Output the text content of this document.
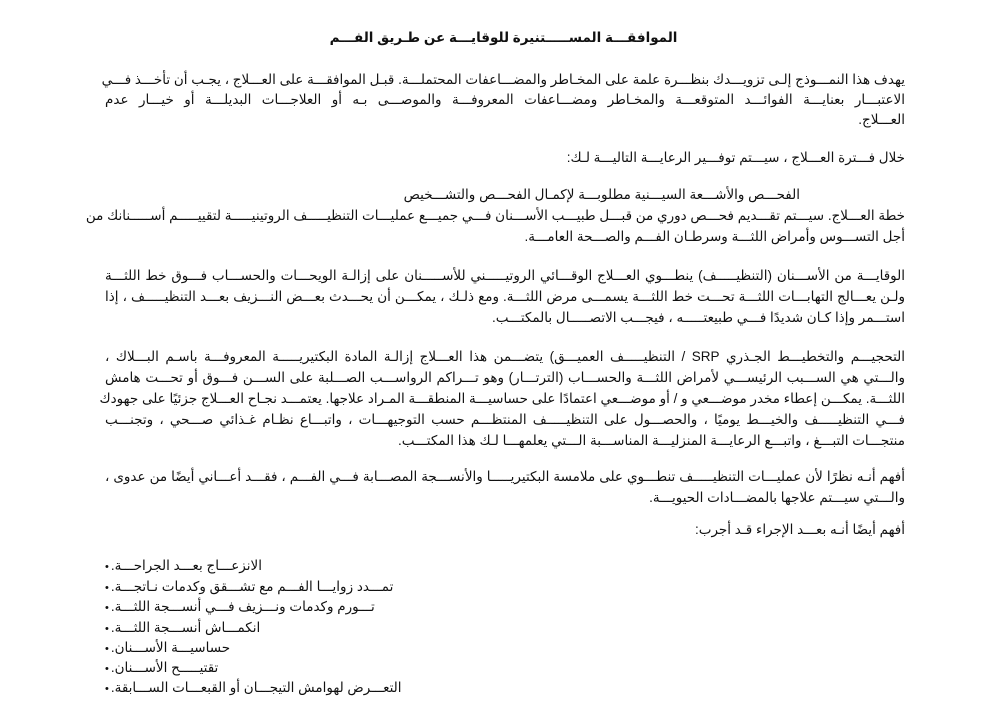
الموافقـــة المســـــتنيرة للوقايـــة عن طـريق الفـــم
يهدف هذا النمـــوذج إلـى تزويـــدك بنظـــرة علمة على المخـاطر والمضـــاعفات المحتملـــة. قبـل الموافقـــة على العـــلاج ، يجـب أن تأخـــذ فـــي
الاعتبـــار بعنايـــة الفوائـــد المتوقعـــة والمخـاطر ومضـــاعفات المعروفـــة والموصـــى بـه أو العلاجـــات البديلـــة أو خيـــار عدم
العـــلاج.
خلال فـــترة العـــلاج ، سيـــتم توفـــير الرعايـــة التاليـــة لـك:
الفحـــص والأشـــعة السيـــنية مطلوبـــة لإكمـال الفحـــص والتشـــخيص
خطة العـــلاج. سيـــتم تقـــديم فحـــص دوري من قبـــل طبيـــب الأســـنان فـــي جميـــع عمليـــات التنظيـــــف الروتينيـــــة لتقييـــــم أســـــنانك من
أجل التســـوس وأمراض اللثـــة وسرطـان الفـــم والصـــحة العامـــة.
الوقايـــة من الأســـنان (التنظيـــــف) ينطـــوي العـــلاج الوقـــائي الروتيـــــني للأســـــنان على إزالـة الويحـــات والحســـاب فـــوق خط اللثـــة
ولـن يعـــالج التهابـــات اللثـــة تحـــت خط اللثـــة يسمـــى مرض اللثـــة. ومع ذلـك ، يمكـــن أن يحـــدث بعـــض النـــزيف بعـــد التنظيـــــف ، إذا
استـــمر وإذا كـان شديدًا فـــي طبيعتـــــه ، فيجـــب الاتصـــــال بالمكتـــب.
التحجيـــم والتخطيـــط الجـذري SRP / التنظيـــــف العميـــق) يتضـــمن هذا العـــلاج إزالـة المادة البكتيريـــــة المعروفـــة باسـم البـــلاك ،
والـــتي هي الســـبب الرئيســـي لأمراض اللثـــة والحســـاب (الترتـــار) وهو تـــراكم الرواســـب الصـــلبة على الســـن فـــوق أو تحـــت هامش
اللثـــة. يمكـــن إعطاء مخدر موضـــعي و / أو موضـــعي اعتمادًا على حساسيـــة المنطقـــة المـراد علاجها. يعتمـــد نجـاح العـــلاج جزئيًا على جهودك
فـــي التنظيـــــف والخيـــط يوميًا ، والحصـــول على التنظيـــــف المنتظـــم حسب التوجيهـــات ، واتبـــاع نظـام غـذائي صـــحي ، وتجنـــب
منتجـــات التبـــغ ، واتبـــع الرعايـــة المنزليـــة المناســـبة الـــتي يعلمهـــا لـك هذا المكتـــب.
أفهم أنـه نظرًا لأن عمليـــات التنظيـــــف تنطـــوي على ملامسة البكتيريـــــا والأنســـجة المصـــابة فـــي الفـــم ، فقـــد أعـــاني أيضًا من عدوى ،
والـــتي سيـــتم علاجها بالمضـــادات الحيويـــة.
أفهم أيضًا أنـه بعـــد الإجراء قـد أجرب:
• الانزعـــاج بعـــد الجراحـــة.
• تمـــدد زوايـــا الفـــم مع تشـــقق وكدمات نـاتجـــة.
• تـــورم وكدمات ونـــزيف فـــي أنســـجة اللثـــة.
• انكمـــاش أنســـجة اللثـــة.
• حساسيـــة الأســـنان.
• تقتيـــــح الأســـنان.
• التعـــرض لهوامش التيجـــان أو القبعـــات الســـابقة.
